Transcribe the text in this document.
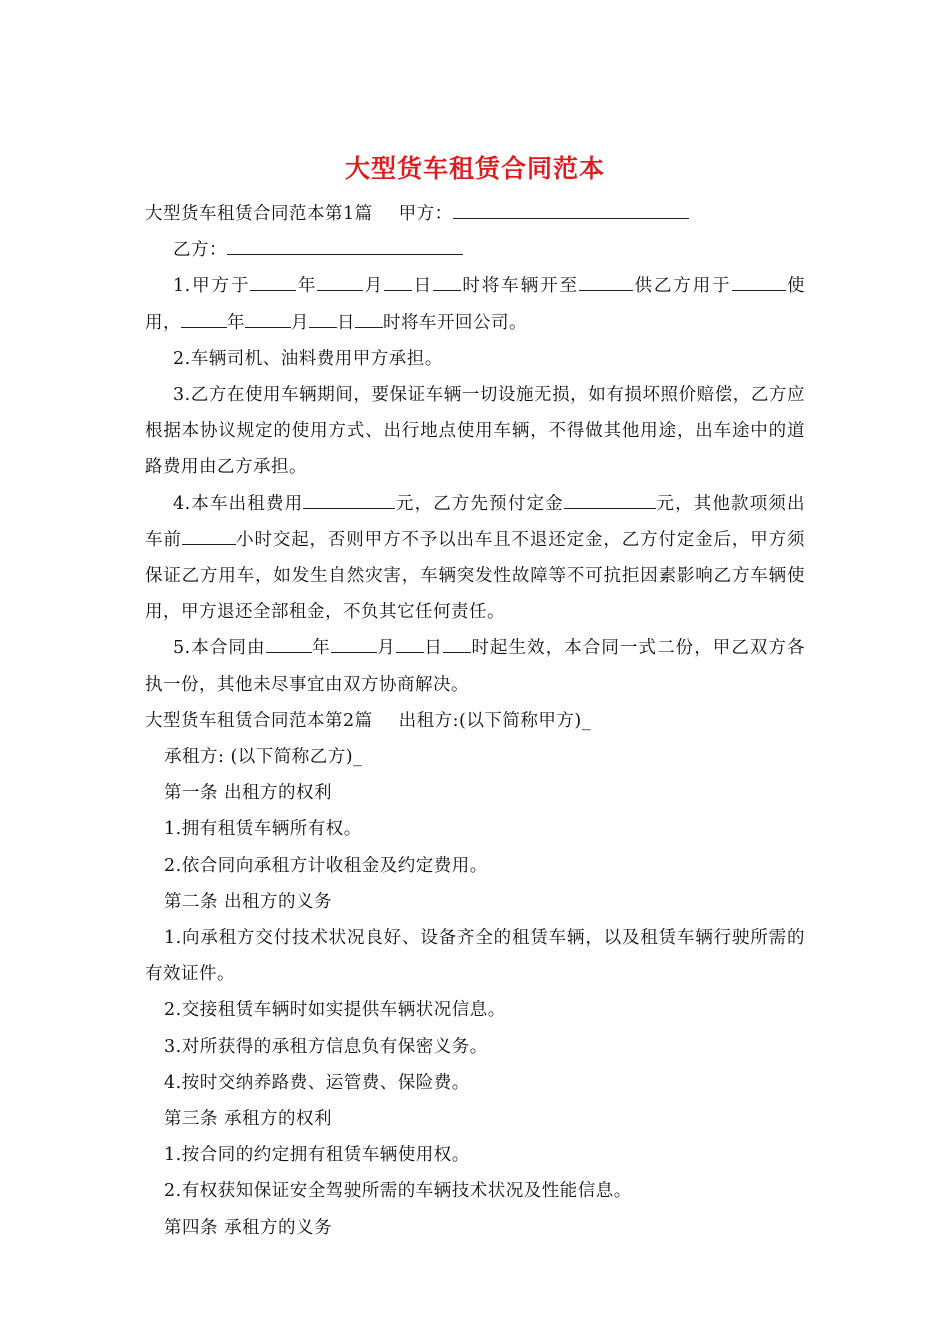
大型货车租赁合同范本
大型货车租赁合同范本第1篇 甲方：
乙方：
1.甲方于	年	月 日 时将车辆开至	供乙方用于	使用，	年	月 日 时将车开回公司。
2.车辆司机、油料费用甲方承担。
3.乙方在使用车辆期间，要保证车辆一切设施无损，如有损坏照价赔偿，乙方应根据本协议规定的使用方式、出行地点使用车辆，不得做其他用途，出车途中的道路费用由乙方承担。
4.本车出租费用	元，乙方先预付定金	元，其他款项须出车前	小时交起，否则甲方不予以出车且不退还定金，乙方付定金后，甲方须保证乙方用车，如发生自然灾害，车辆突发性故障等不可抗拒因素影响乙方车辆使用，甲方退还全部租金，不负其它任何责任。
5.本合同由	年	月 日 时起生效，本合同一式二份，甲乙双方各执一份，其他未尽事宜由双方协商解决。
大型货车租赁合同范本第2篇 出租方:(以下简称甲方)_
承租方: (以下简称乙方)_
第一条 出租方的权利
1.拥有租赁车辆所有权。
2.依合同向承租方计收租金及约定费用。
第二条 出租方的义务
1.向承租方交付技术状况良好、设备齐全的租赁车辆，以及租赁车辆行驶所需的有效证件。
2.交接租赁车辆时如实提供车辆状况信息。
3.对所获得的承租方信息负有保密义务。
4.按时交纳养路费、运管费、保险费。
第三条 承租方的权利
1.按合同的约定拥有租赁车辆使用权。
2.有权获知保证安全驾驶所需的车辆技术状况及性能信息。
第四条 承租方的义务
